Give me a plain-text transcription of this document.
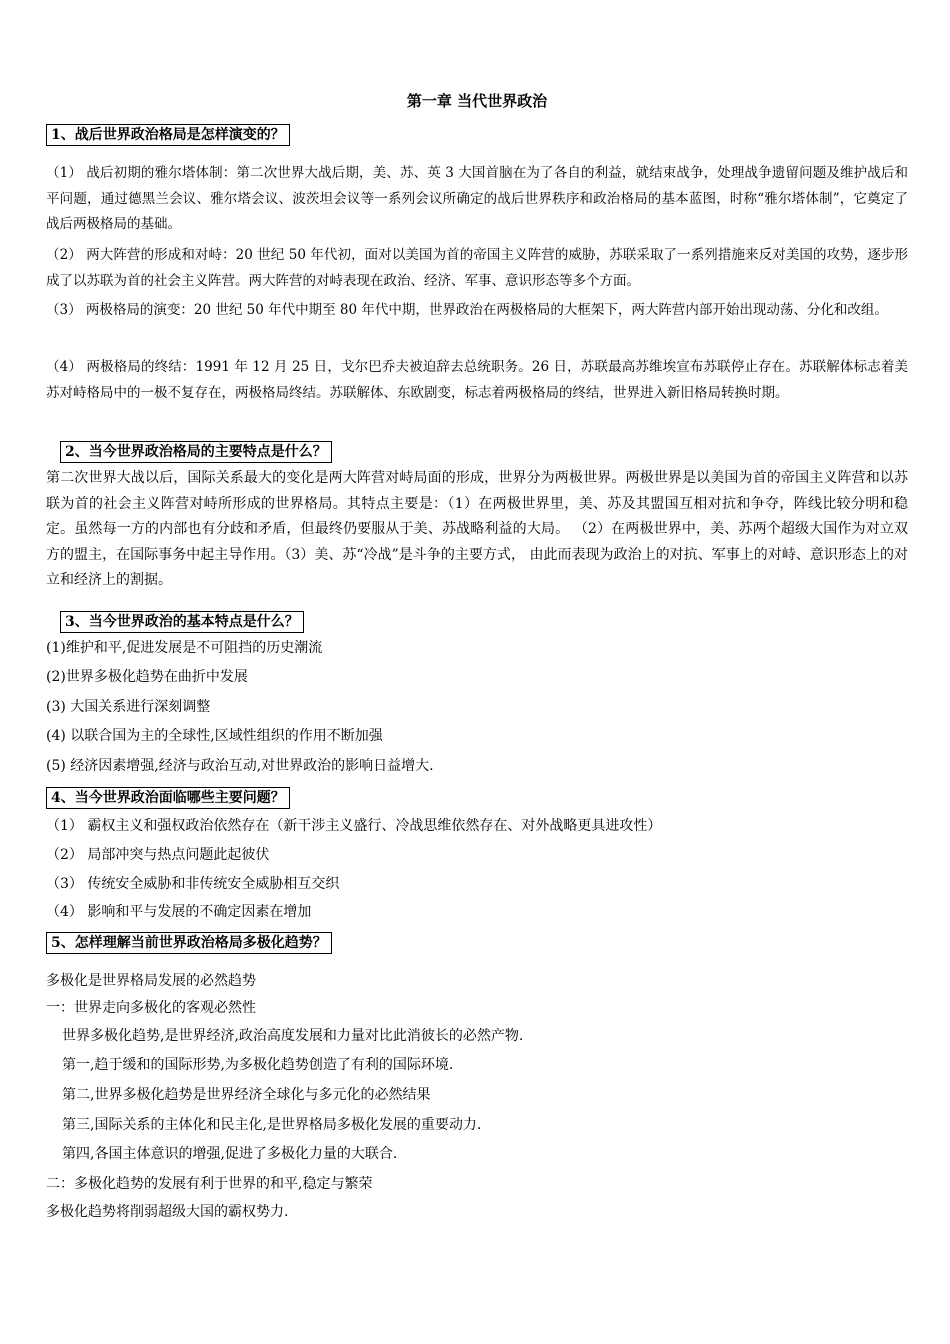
第一章 当代世界政治
1、战后世界政治格局是怎样演变的？
（1） 战后初期的雅尔塔体制：第二次世界大战后期，美、苏、英 3 大国首脑在为了各自的利益，就结束战争，处理战争遗留问题及维护战后和平问题，通过德黑兰会议、雅尔塔会议、波茨坦会议等一系列会议所确定的战后世界秩序和政治格局的基本蓝图，时称“雅尔塔体制”，它奠定了战后两极格局的基础。
（2） 两大阵营的形成和对峙：20 世纪 50 年代初，面对以美国为首的帝国主义阵营的威胁，苏联采取了一系列措施来反对美国的攻势，逐步形成了以苏联为首的社会主义阵营。两大阵营的对峙表现在政治、经济、军事、意识形态等多个方面。
（3） 两极格局的演变：20 世纪 50 年代中期至 80 年代中期，世界政治在两极格局的大框架下，两大阵营内部开始出现动荡、分化和改组。
（4） 两极格局的终结：1991 年 12 月 25 日，戈尔巴乔夫被迫辞去总统职务。26 日，苏联最高苏维埃宣布苏联停止存在。苏联解体标志着美苏对峙格局中的一极不复存在，两极格局终结。苏联解体、东欧剧变，标志着两极格局的终结，世界进入新旧格局转换时期。
2、当今世界政治格局的主要特点是什么？
第二次世界大战以后，国际关系最大的变化是两大阵营对峙局面的形成，世界分为两极世界。两极世界是以美国为首的帝国主义阵营和以苏联为首的社会主义阵营对峙所形成的世界格局。其特点主要是：（1）在两极世界里，美、苏及其盟国互相对抗和争夺，阵线比较分明和稳定。虽然每一方的内部也有分歧和矛盾，但最终仍要服从于美、苏战略利益的大局。 （2）在两极世界中，美、苏两个超级大国作为对立双方的盟主，在国际事务中起主导作用。（3）美、苏“冷战”是斗争的主要方式， 由此而表现为政治上的对抗、军事上的对峙、意识形态上的对立和经济上的割据。
3、当今世界政治的基本特点是什么？
(1)维护和平,促进发展是不可阻挡的历史潮流
(2)世界多极化趋势在曲折中发展
(3) 大国关系进行深刻调整
(4) 以联合国为主的全球性,区域性组织的作用不断加强
(5) 经济因素增强,经济与政治互动,对世界政治的影响日益增大.
4、当今世界政治面临哪些主要问题？
（1） 霸权主义和强权政治依然存在（新干涉主义盛行、冷战思维依然存在、对外战略更具进攻性）
（2） 局部冲突与热点问题此起彼伏
（3） 传统安全威胁和非传统安全威胁相互交织
（4） 影响和平与发展的不确定因素在增加
5、怎样理解当前世界政治格局多极化趋势？
多极化是世界格局发展的必然趋势
一：世界走向多极化的客观必然性
世界多极化趋势,是世界经济,政治高度发展和力量对比此消彼长的必然产物.
第一,趋于缓和的国际形势,为多极化趋势创造了有利的国际环境.
第二,世界多极化趋势是世界经济全球化与多元化的必然结果
第三,国际关系的主体化和民主化,是世界格局多极化发展的重要动力.
第四,各国主体意识的增强,促进了多极化力量的大联合.
二：多极化趋势的发展有利于世界的和平,稳定与繁荣
多极化趋势将削弱超级大国的霸权势力.
